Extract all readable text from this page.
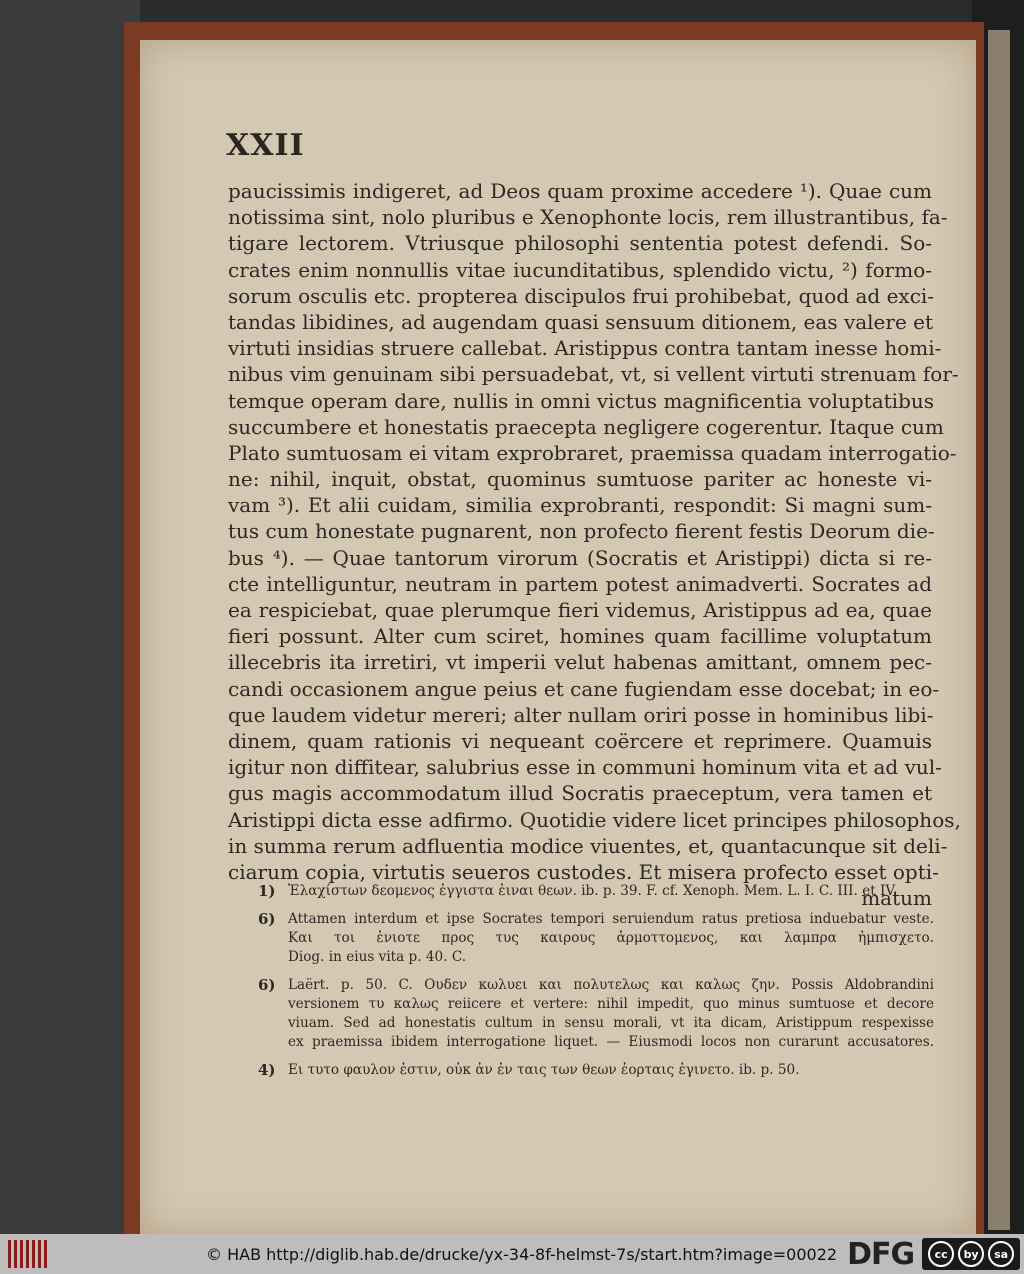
XXII
paucissimis indigeret, ad Deos quam proxime accedere ¹). Quae cum
notissima sint, nolo pluribus e Xenophonte locis, rem illustrantibus, fa-
tigare lectorem. Vtriusque philosophi sententia potest defendi. So-
crates enim nonnullis vitae iucunditatibus, splendido victu, ²) formo-
sorum osculis etc. propterea discipulos frui prohibebat, quod ad exci-
tandas libidines, ad augendam quasi sensuum ditionem, eas valere et
virtuti insidias struere callebat. Aristippus contra tantam inesse homi-
nibus vim genuinam sibi persuadebat, vt, si vellent virtuti strenuam for-
temque operam dare, nullis in omni victus magnificentia voluptatibus
succumbere et honestatis praecepta negligere cogerentur. Itaque cum
Plato sumtuosam ei vitam exprobraret, praemissa quadam interrogatio-
ne: nihil, inquit, obstat, quominus sumtuose pariter ac honeste vi-
vam ³). Et alii cuidam, similia exprobranti, respondit: Si magni sum-
tus cum honestate pugnarent, non profecto fierent festis Deorum die-
bus ⁴). — Quae tantorum virorum (Socratis et Aristippi) dicta si re-
cte intelliguntur, neutram in partem potest animadverti. Socrates ad
ea respiciebat, quae plerumque fieri videmus, Aristippus ad ea, quae
fieri possunt. Alter cum sciret, homines quam facillime voluptatum
illecebris ita irretiri, vt imperii velut habenas amittant, omnem pec-
candi occasionem angue peius et cane fugiendam esse docebat; in eo-
que laudem videtur mereri; alter nullam oriri posse in hominibus libi-
dinem, quam rationis vi nequeant coërcere et reprimere. Quamuis
igitur non diffitear, salubrius esse in communi hominum vita et ad vul-
gus magis accommodatum illud Socratis praeceptum, vera tamen et
Aristippi dicta esse adfirmo. Quotidie videre licet principes philosophos,
in summa rerum adfluentia modice viuentes, et, quantacunque sit deli-
ciarum copia, virtutis seueros custodes. Et misera profecto esset opti-
matum
1) Ἐλαχίστων δεομενος ἐγγιστα ἐιναι θεων. ib. p. 39. F. cf. Xenoph. Mem. L. I. C. III. et IV.
6) Attamen interdum et ipse Socrates tempori seruiendum ratus pretiosa induebatur veste.
Και τοι ἐνιοτε προς τυς καιρους ἁρμοττομενος, και λαμπρα ἠμπισχετο.
Diog. in eius vita p. 40. C.
6) Laërt. p. 50. C. Ουδεν κωλυει και πολυτελως και καλως ζην. Possis Aldobrandini
versionem τυ καλως reiicere et vertere: nihil impedit, quo minus sumtuose et decore
viuam. Sed ad honestatis cultum in sensu morali, vt ita dicam, Aristippum respexisse
ex praemissa ibidem interrogatione liquet. — Eiusmodi locos non curarunt accusatores.
4) Ει τυτο φαυλον ἐστιν, οὐκ ἀν ἐν ταις των θεων ἑορταις ἐγινετο. ib. p. 50.
© HAB http://diglib.hab.de/drucke/yx-34-8f-helmst-7s/start.htm?image=00022 DFG	cc	by	sa
